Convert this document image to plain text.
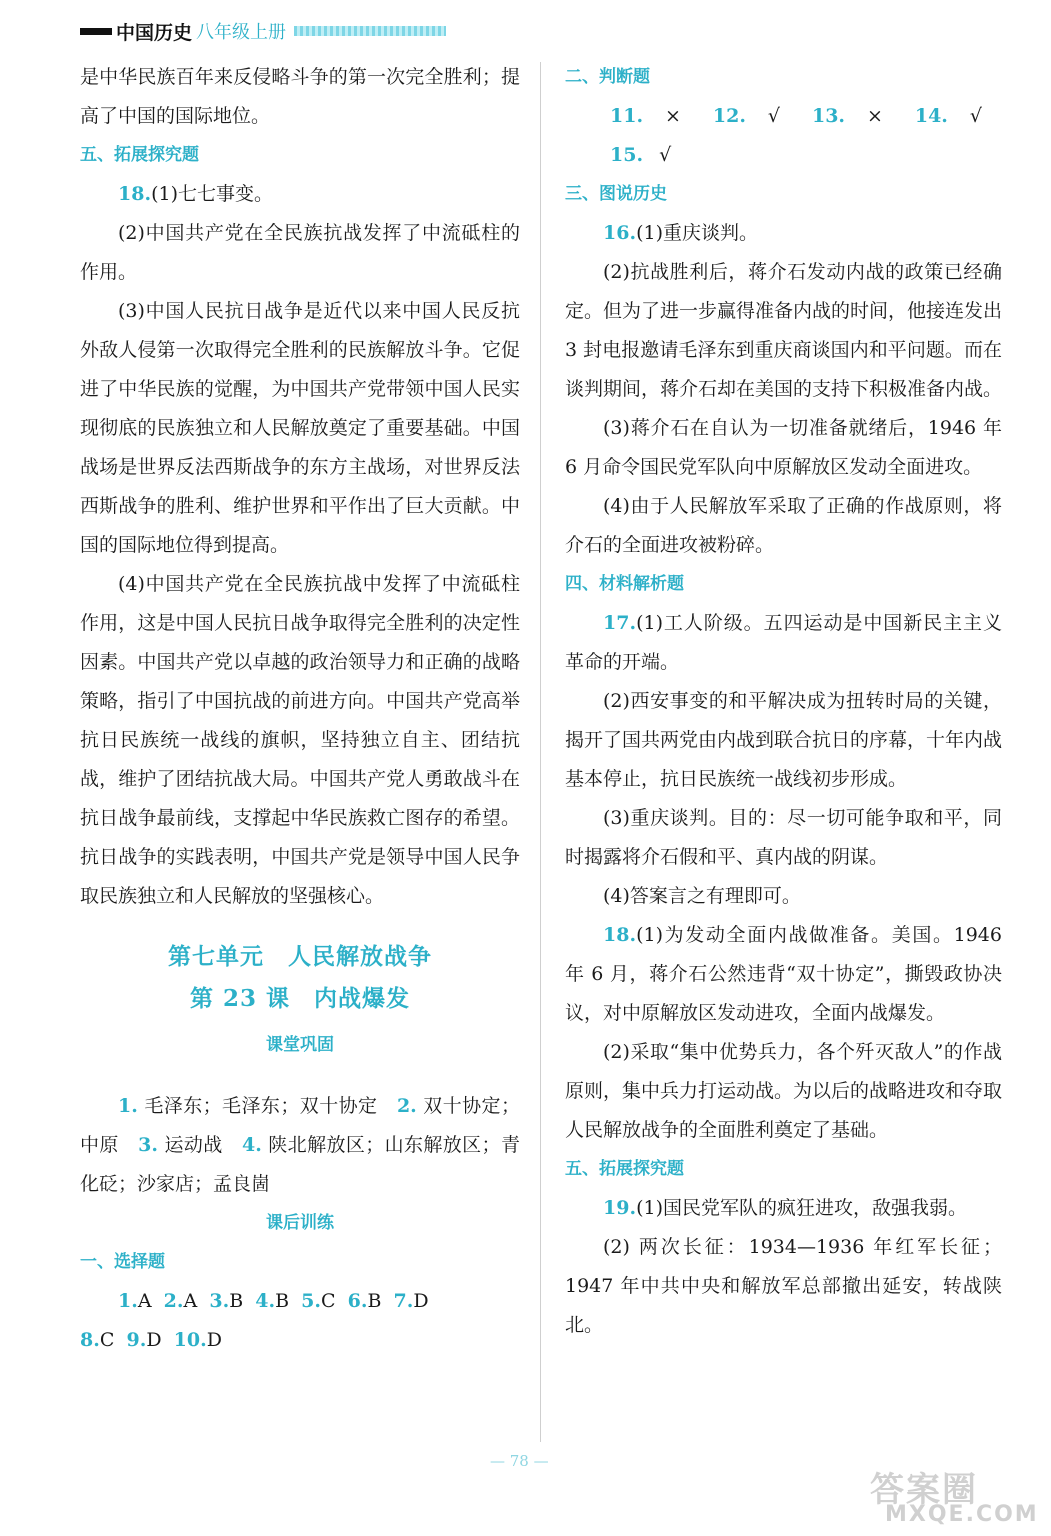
中国历史 八年级上册

是中华民族百年来反侵略斗争的第一次完全胜利；提高了中国的国际地位。

五、拓展探究题

18.(1)七七事变。

(2)中国共产党在全民族抗战发挥了中流砥柱的作用。

(3)中国人民抗日战争是近代以来中国人民反抗外敌人侵第一次取得完全胜利的民族解放斗争。它促进了中华民族的觉醒，为中国共产党带领中国人民实现彻底的民族独立和人民解放奠定了重要基础。中国战场是世界反法西斯战争的东方主战场，对世界反法西斯战争的胜利、维护世界和平作出了巨大贡献。中国的国际地位得到提高。

(4)中国共产党在全民族抗战中发挥了中流砥柱作用，这是中国人民抗日战争取得完全胜利的决定性因素。中国共产党以卓越的政治领导力和正确的战略策略，指引了中国抗战的前进方向。中国共产党高举抗日民族统一战线的旗帜，坚持独立自主、团结抗战，维护了团结抗战大局。中国共产党人勇敢战斗在抗日战争最前线，支撑起中华民族救亡图存的希望。抗日战争的实践表明，中国共产党是领导中国人民争取民族独立和人民解放的坚强核心。

第七单元　人民解放战争

第 23 课　内战爆发

课堂巩固

1. 毛泽东；毛泽东；双十协定　 2. 双十协定；中原　 3. 运动战　 4. 陕北解放区；山东解放区；青化砭；沙家店；孟良崮

课后训练

一、选择题

1.A 2.A 3.B 4.B 5.C 6.B 7.D

8.C 9.D 10.D

二、判断题

11. × 12. √ 13. × 14. √ 15. √

三、图说历史

16.(1)重庆谈判。

(2)抗战胜利后，蒋介石发动内战的政策已经确定。但为了进一步赢得准备内战的时间，他接连发出 3 封电报邀请毛泽东到重庆商谈国内和平问题。而在谈判期间，蒋介石却在美国的支持下积极准备内战。

(3)蒋介石在自认为一切准备就绪后，1946 年 6 月命令国民党军队向中原解放区发动全面进攻。

(4)由于人民解放军采取了正确的作战原则，将介石的全面进攻被粉碎。

四、材料解析题

17.(1)工人阶级。五四运动是中国新民主主义革命的开端。

(2)西安事变的和平解决成为扭转时局的关键，揭开了国共两党由内战到联合抗日的序幕，十年内战基本停止，抗日民族统一战线初步形成。

(3)重庆谈判。目的：尽一切可能争取和平，同时揭露将介石假和平、真内战的阴谋。

(4)答案言之有理即可。

18.(1)为发动全面内战做准备。美国。1946 年 6 月，蒋介石公然违背“双十协定”，撕毁政协决议，对中原解放区发动进攻，全面内战爆发。

(2)采取“集中优势兵力，各个歼灭敌人”的作战原则，集中兵力打运动战。为以后的战略进攻和夺取人民解放战争的全面胜利奠定了基础。

五、拓展探究题

19.(1)国民党军队的疯狂进攻，敌强我弱。

(2) 两次长征：1934—1936 年红军长征；1947 年中共中央和解放军总部撤出延安，转战陕北。

— 78 —
答案圈
MXQE.COM
